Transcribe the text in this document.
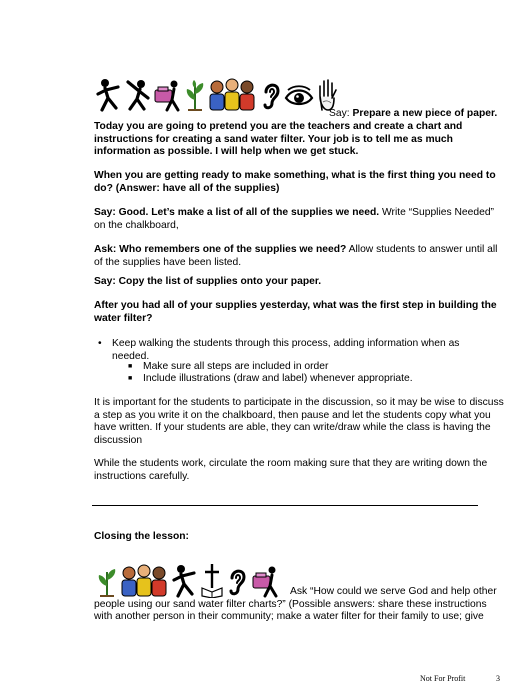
Say: Prepare a new piece of paper.

Today you are going to pretend you are the teachers and create a chart and instructions for creating a sand water filter. Your job is to tell me as much information as possible. I will help when we get stuck.

When you are getting ready to make something, what is the first thing you need to do? (Answer: have all of the supplies)

Say: Good. Let’s make a list of all of the supplies we need. Write “Supplies Needed” on the chalkboard,

Ask: Who remembers one of the supplies we need? Allow students to answer until all of the supplies have been listed.

Say: Copy the list of supplies onto your paper.

After you had all of your supplies yesterday, what was the first step in building the water filter?

• Keep walking the students through this process, adding information when as needed.

■ Make sure all steps are included in order

■ Include illustrations (draw and label) whenever appropriate.

It is important for the students to participate in the discussion, so it may be wise to discuss a step as you write it on the chalkboard, then pause and let the students copy what you have written. If your students are able, they can write/draw while the class is having the discussion

While the students work, circulate the room making sure that they are writing down the instructions carefully.

Closing the lesson:

Ask “How could we serve God and help other people using our sand water filter charts?” (Possible answers: share these instructions with another person in their community; make a water filter for their family to use; give

Not For Profit	3
